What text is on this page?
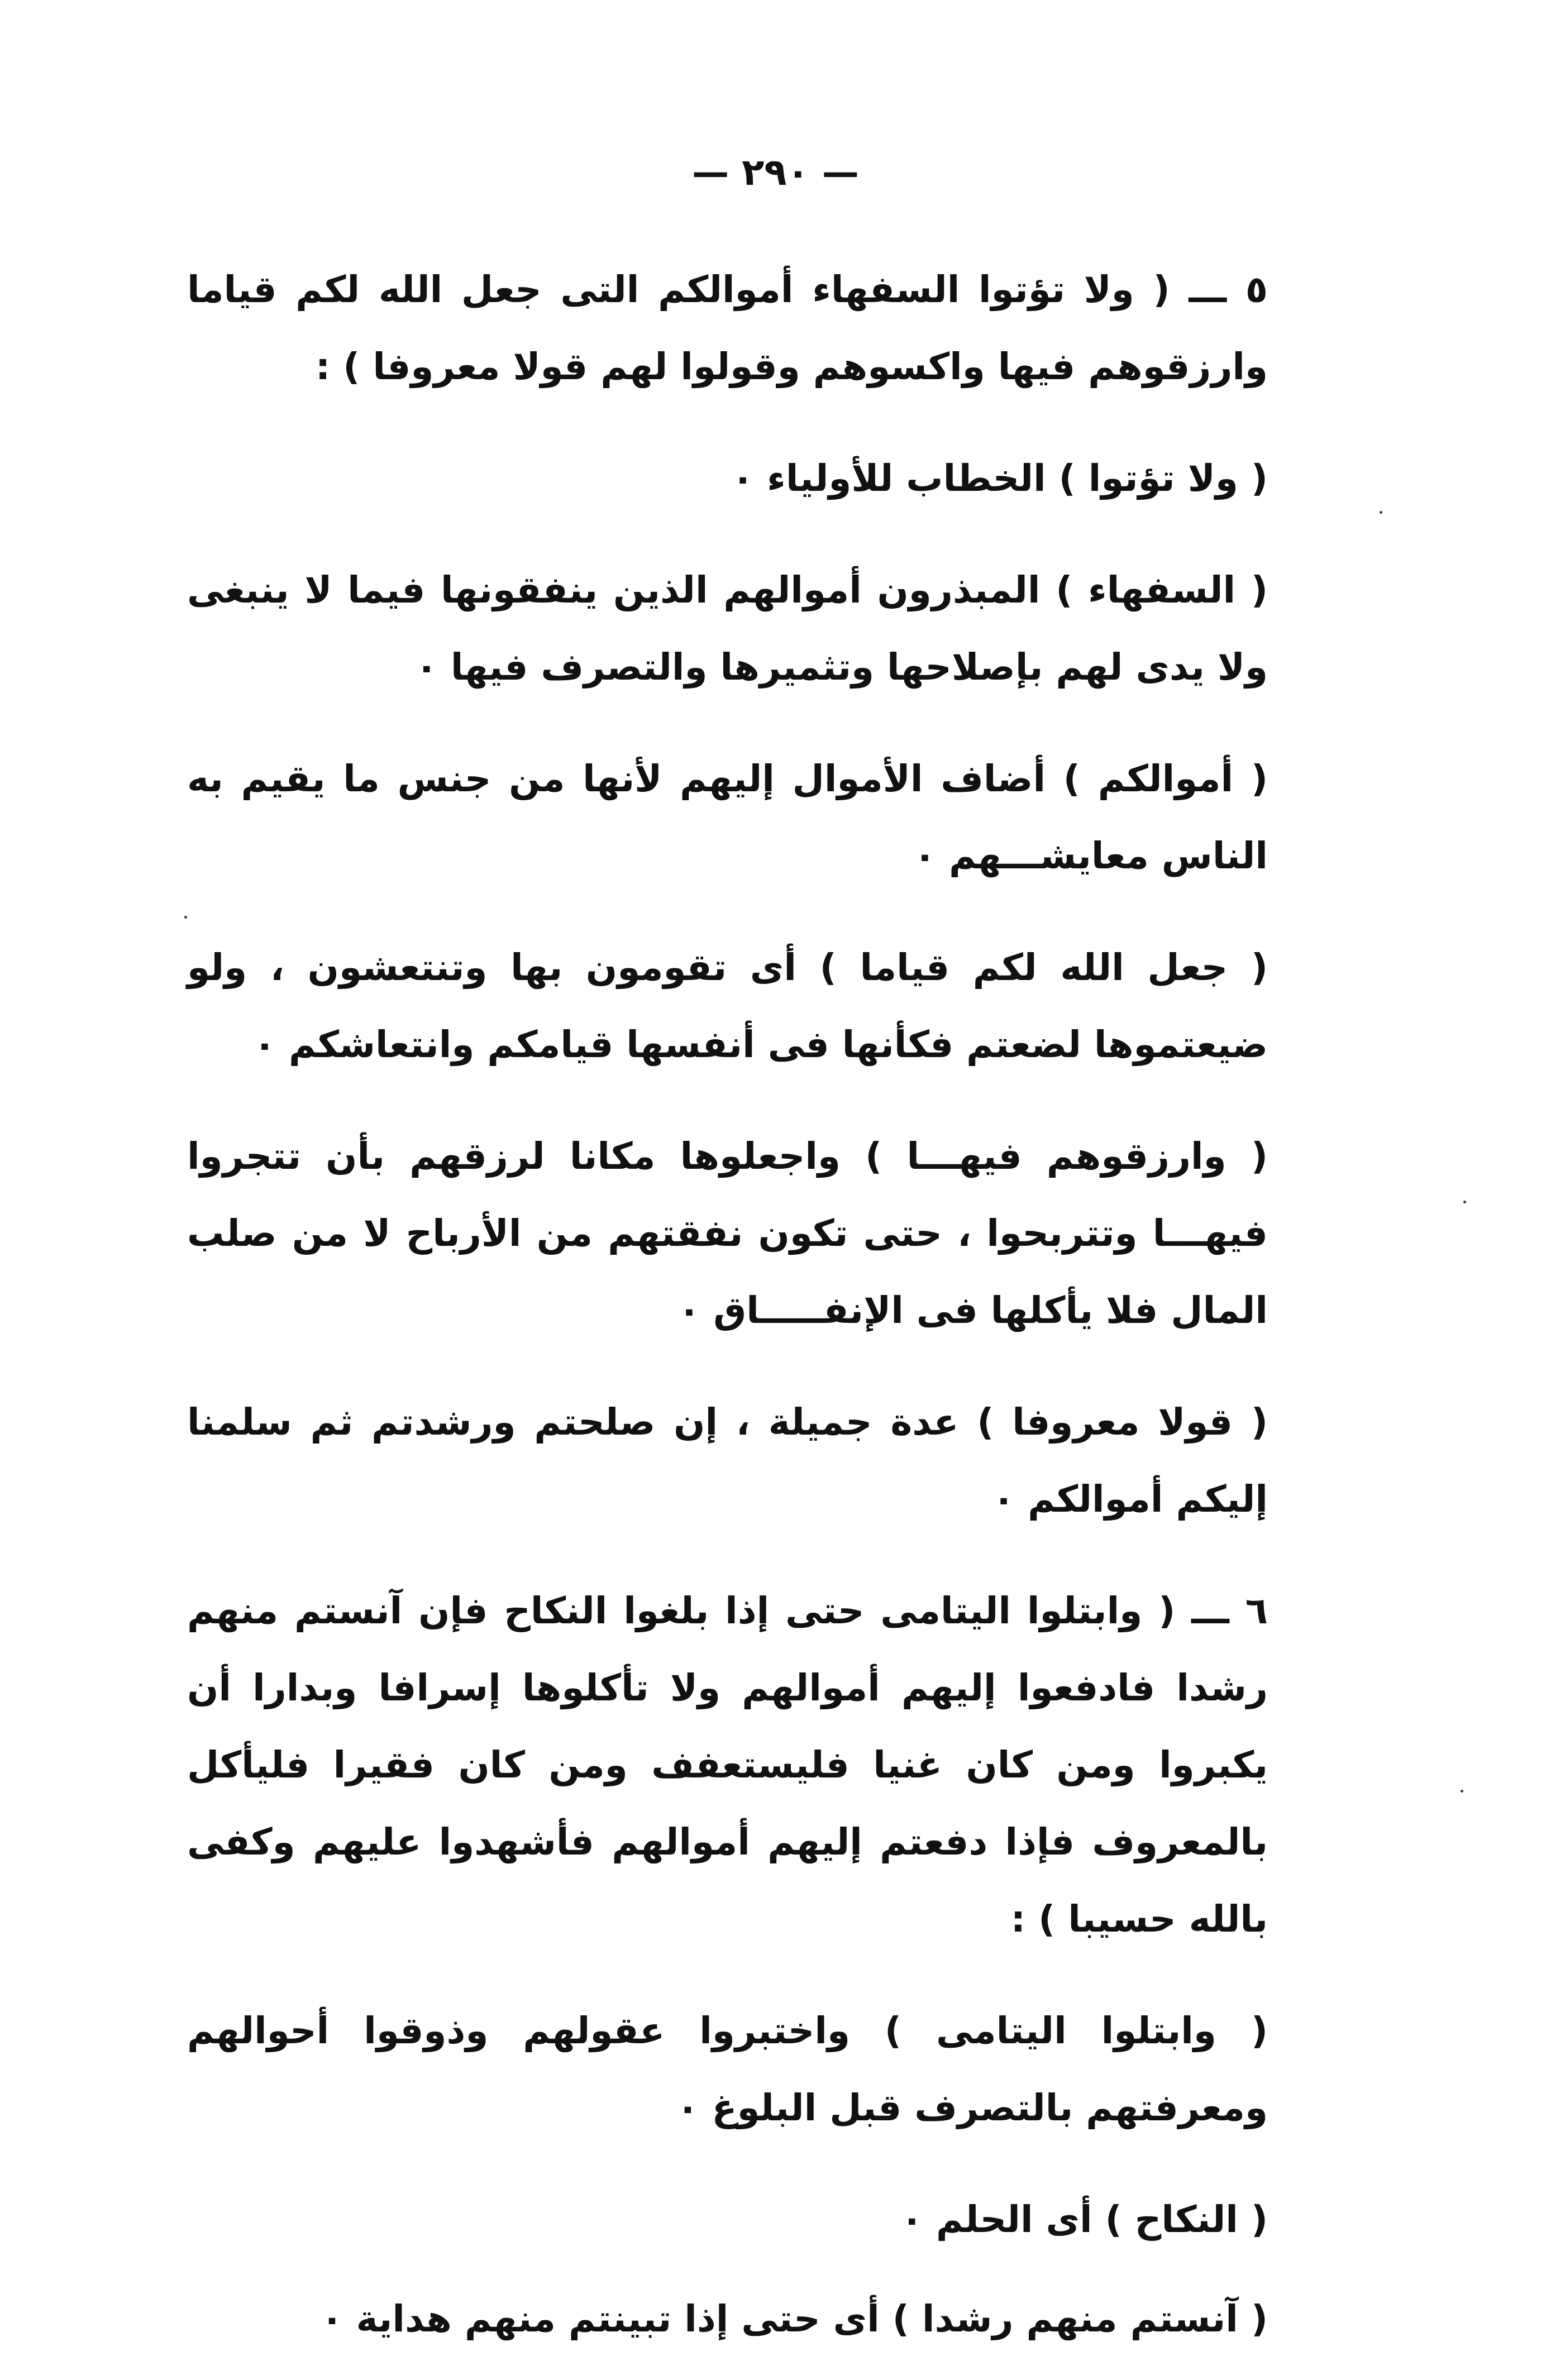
— ٢٩٠ —

٥ ـــ ( ولا تؤتوا السفهاء أموالكم التى جعل الله لكم قياما وارزقوهم فيها واكسوهم وقولوا لهم قولا معروفا ) :

( ولا تؤتوا ) الخطاب للأولياء ٠

( السفهاء ) المبذرون أموالهم الذين ينفقونها فيما لا ينبغى ولا يدى لهم بإصلاحها وتثميرها والتصرف فيها ٠

( أموالكم ) أضاف الأموال إليهم لأنها من جنس ما يقيم به الناس معايشـــهم ٠

( جعل الله لكم قياما ) أى تقومون بها وتنتعشون ، ولو ضيعتموها لضعتم فكأنها فى أنفسها قيامكم وانتعاشكم ٠

( وارزقوهم فيهـــا ) واجعلوها مكانا لرزقهم بأن تتجروا فيهـــا وتتربحوا ، حتى تكون نفقتهم من الأرباح لا من صلب المال فلا يأكلها فى الإنفـــــاق ٠

( قولا معروفا ) عدة جميلة ، إن صلحتم ورشدتم ثم سلمنا إليكم أموالكم ٠

٦ ـــ ( وابتلوا اليتامى حتى إذا بلغوا النكاح فإن آنستم منهم رشدا فادفعوا إليهم أموالهم ولا تأكلوها إسرافا وبدارا أن يكبروا ومن كان غنيا فليستعفف ومن كان فقيرا فليأكل بالمعروف فإذا دفعتم إليهم أموالهم فأشهدوا عليهم وكفى بالله حسيبا ) :

( وابتلوا اليتامى ) واختبروا عقولهم وذوقوا أحوالهم ومعرفتهم بالتصرف قبل البلوغ ٠

( النكاح ) أى الحلم ٠

( آنستم منهم رشدا ) أى حتى إذا تبينتم منهم هداية ٠
